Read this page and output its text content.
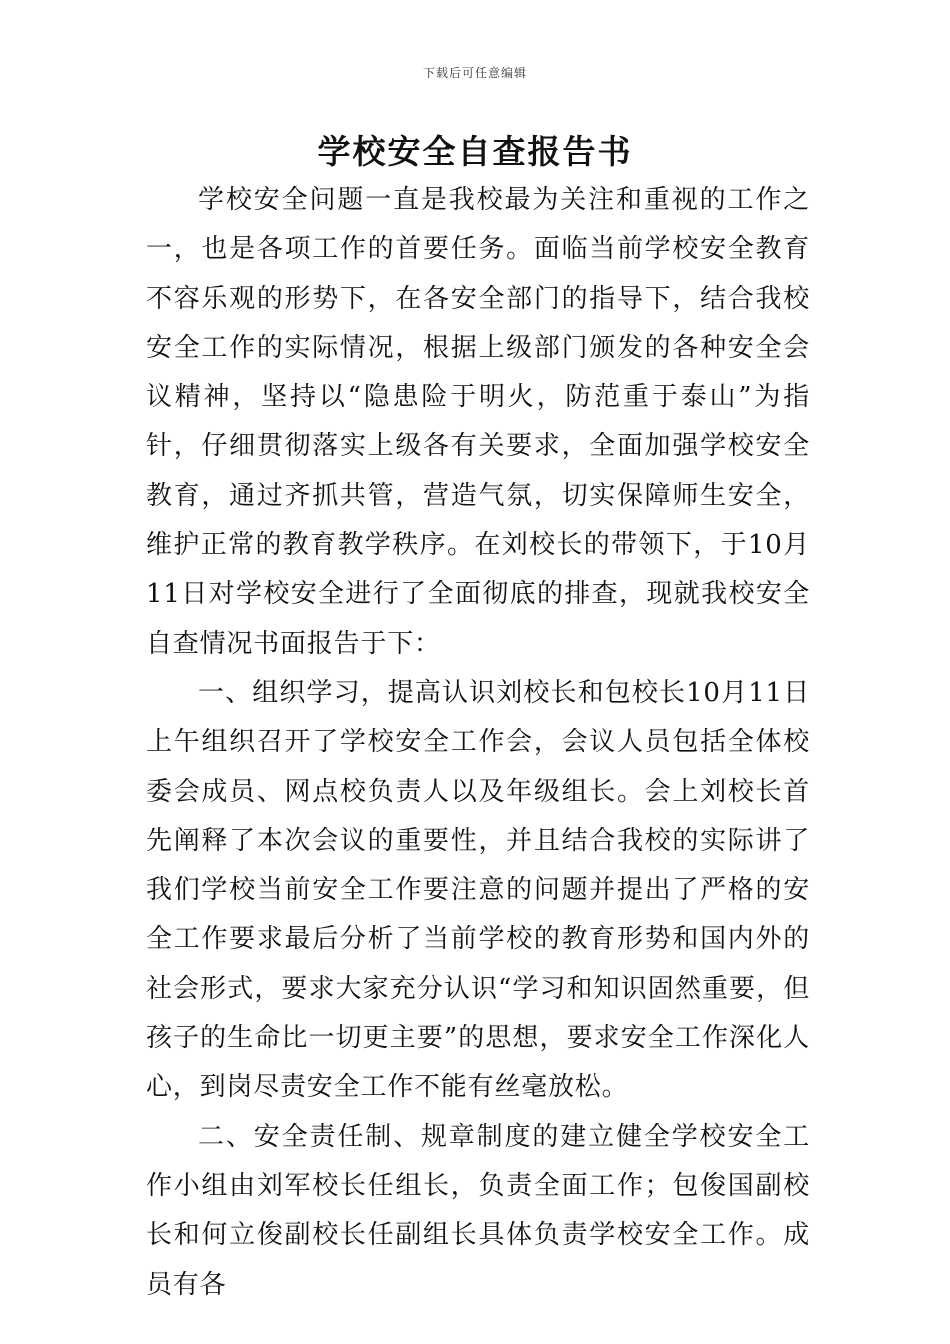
下载后可任意编辑
学校安全自查报告书

学校安全问题一直是我校最为关注和重视的工作之一，也是各项工作的首要任务。面临当前学校安全教育不容乐观的形势下，在各安全部门的指导下，结合我校安全工作的实际情况，根据上级部门颁发的各种安全会议精神，坚持以“隐患险于明火，防范重于泰山”为指针，仔细贯彻落实上级各有关要求，全面加强学校安全教育，通过齐抓共管，营造气氛，切实保障师生安全，维护正常的教育教学秩序。在刘校长的带领下，于10月11日对学校安全进行了全面彻底的排查，现就我校安全自查情况书面报告于下：

一、组织学习，提高认识刘校长和包校长10月11日上午组织召开了学校安全工作会，会议人员包括全体校委会成员、网点校负责人以及年级组长。会上刘校长首先阐释了本次会议的重要性，并且结合我校的实际讲了我们学校当前安全工作要注意的问题并提出了严格的安全工作要求最后分析了当前学校的教育形势和国内外的社会形式，要求大家充分认识“学习和知识固然重要，但孩子的生命比一切更主要”的思想，要求安全工作深化人心，到岗尽责安全工作不能有丝毫放松。

二、安全责任制、规章制度的建立健全学校安全工作小组由刘军校长任组长，负责全面工作；包俊国副校长和何立俊副校长任副组长具体负责学校安全工作。成员有各
